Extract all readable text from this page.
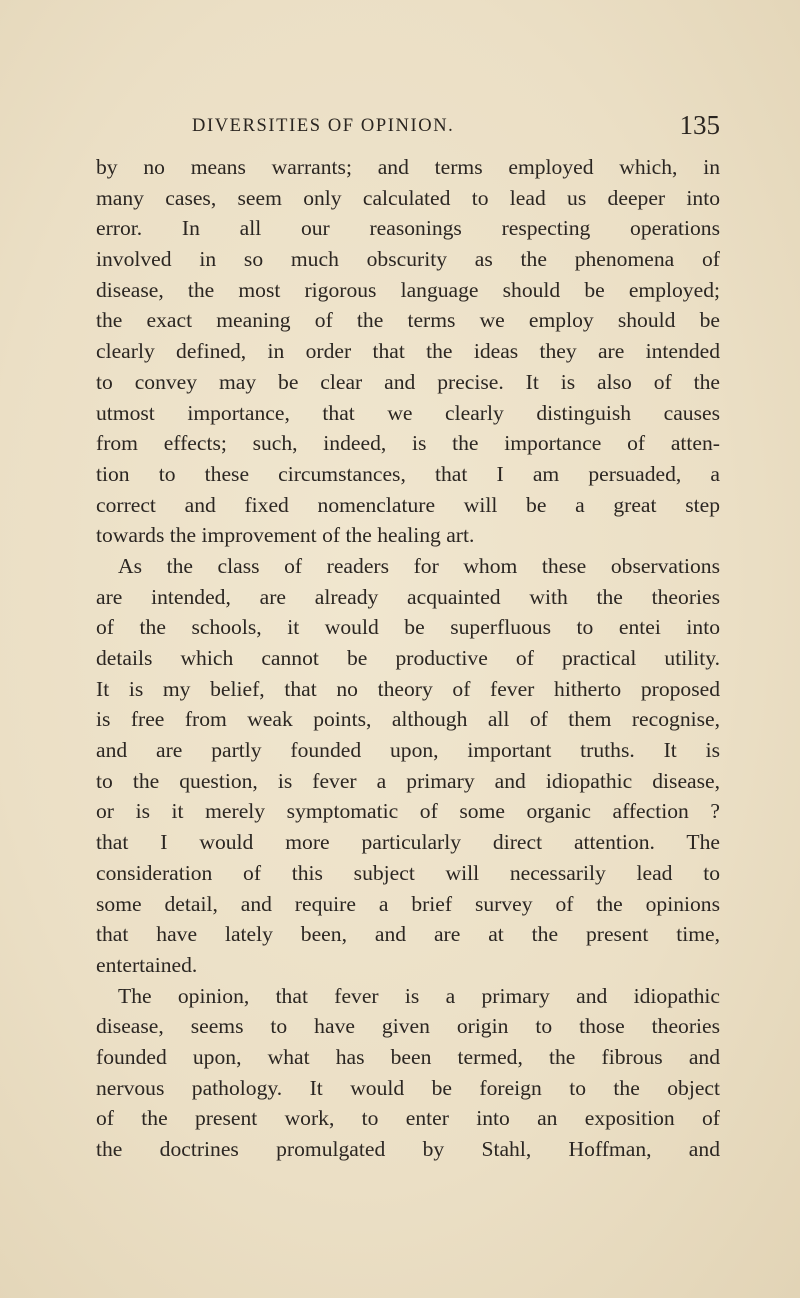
DIVERSITIES OF OPINION.	135
by no means warrants; and terms employed which, in
many cases, seem only calculated to lead us deeper into
error. In all our reasonings respecting operations
involved in so much obscurity as the phenomena of
disease, the most rigorous language should be employed;
the exact meaning of the terms we employ should be
clearly defined, in order that the ideas they are intended
to convey may be clear and precise. It is also of the
utmost importance, that we clearly distinguish causes
from effects; such, indeed, is the importance of atten-
tion to these circumstances, that I am persuaded, a
correct and fixed nomenclature will be a great step
towards the improvement of the healing art.
As the class of readers for whom these observations
are intended, are already acquainted with the theories
of the schools, it would be superfluous to entei into
details which cannot be productive of practical utility.
It is my belief, that no theory of fever hitherto proposed
is free from weak points, although all of them recognise,
and are partly founded upon, important truths. It is
to the question, is fever a primary and idiopathic disease,
or is it merely symptomatic of some organic affection ?
that I would more particularly direct attention. The
consideration of this subject will necessarily lead to
some detail, and require a brief survey of the opinions
that have lately been, and are at the present time,
entertained.
The opinion, that fever is a primary and idiopathic
disease, seems to have given origin to those theories
founded upon, what has been termed, the fibrous and
nervous pathology. It would be foreign to the object
of the present work, to enter into an exposition of
the doctrines promulgated by Stahl, Hoffman, and
